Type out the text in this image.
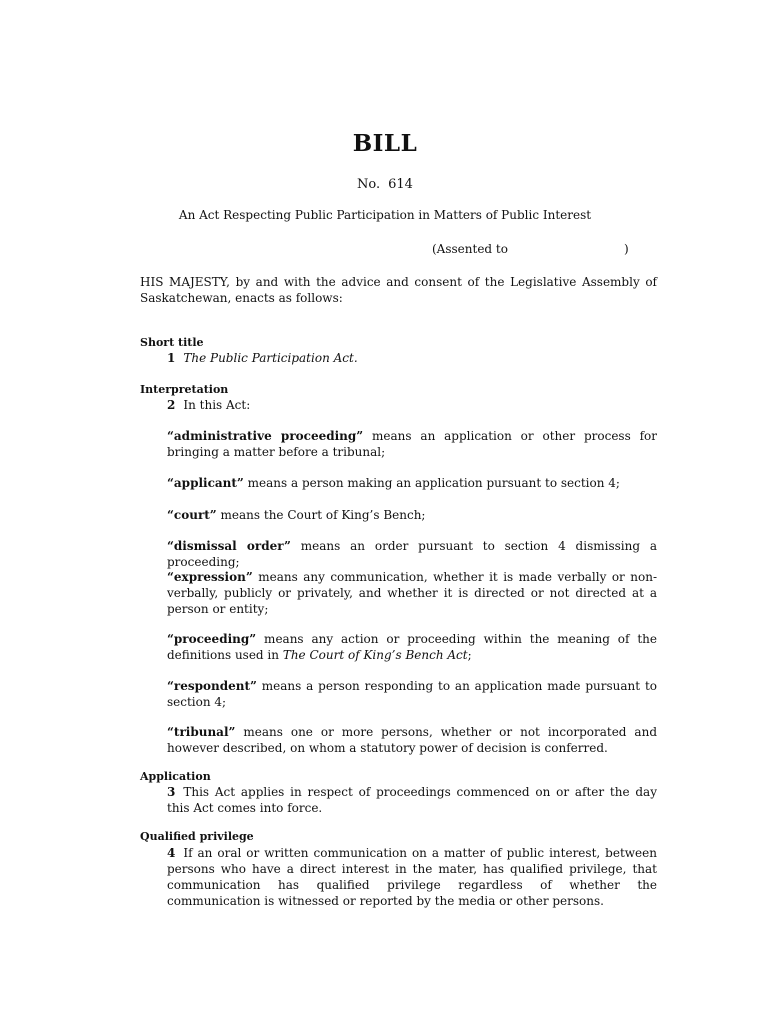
BILL
No. 614
An Act Respecting Public Participation in Matters of Public Interest
(Assented to	)
HIS MAJESTY, by and with the advice and consent of the Legislative Assembly of Saskatchewan, enacts as follows:
Short title
1 The Public Participation Act.
Interpretation
2 In this Act:
“administrative proceeding” means an application or other process for bringing a matter before a tribunal;
“applicant” means a person making an application pursuant to section 4;
“court” means the Court of King’s Bench;
“dismissal order” means an order pursuant to section 4 dismissing a proceeding;
“expression” means any communication, whether it is made verbally or non-verbally, publicly or privately, and whether it is directed or not directed at a person or entity;
“proceeding” means any action or proceeding within the meaning of the definitions used in The Court of King’s Bench Act;
“respondent” means a person responding to an application made pursuant to section 4;
“tribunal” means one or more persons, whether or not incorporated and however described, on whom a statutory power of decision is conferred.
Application
3 This Act applies in respect of proceedings commenced on or after the day this Act comes into force.
Qualified privilege
4 If an oral or written communication on a matter of public interest, between persons who have a direct interest in the mater, has qualified privilege, that communication has qualified privilege regardless of whether the communication is witnessed or reported by the media or other persons.
